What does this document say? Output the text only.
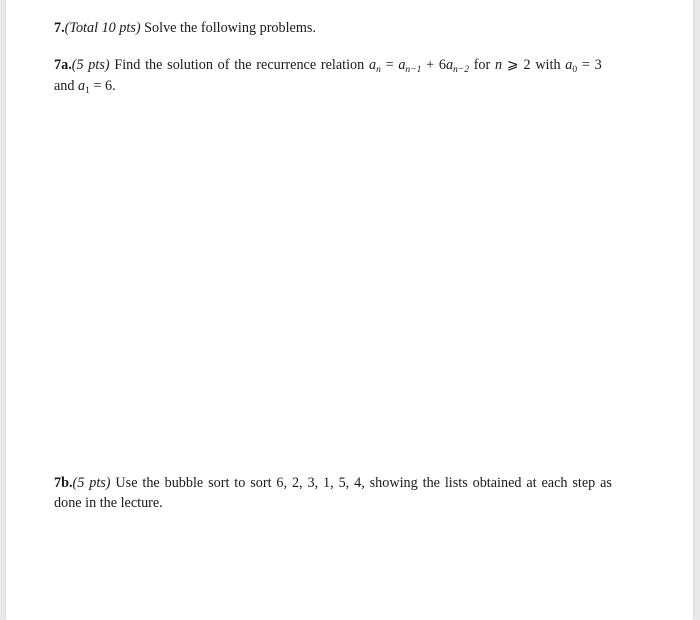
7.(Total 10 pts) Solve the following problems.
7a.(5 pts) Find the solution of the recurrence relation $a_n = a_{n-1} + 6a_{n-2}$ for n ⩾ 2 with $a_0 = 3$
and $a_1 = 6$.
7b.(5 pts) Use the bubble sort to sort 6, 2, 3, 1, 5, 4, showing the lists obtained at each step as
done in the lecture.
